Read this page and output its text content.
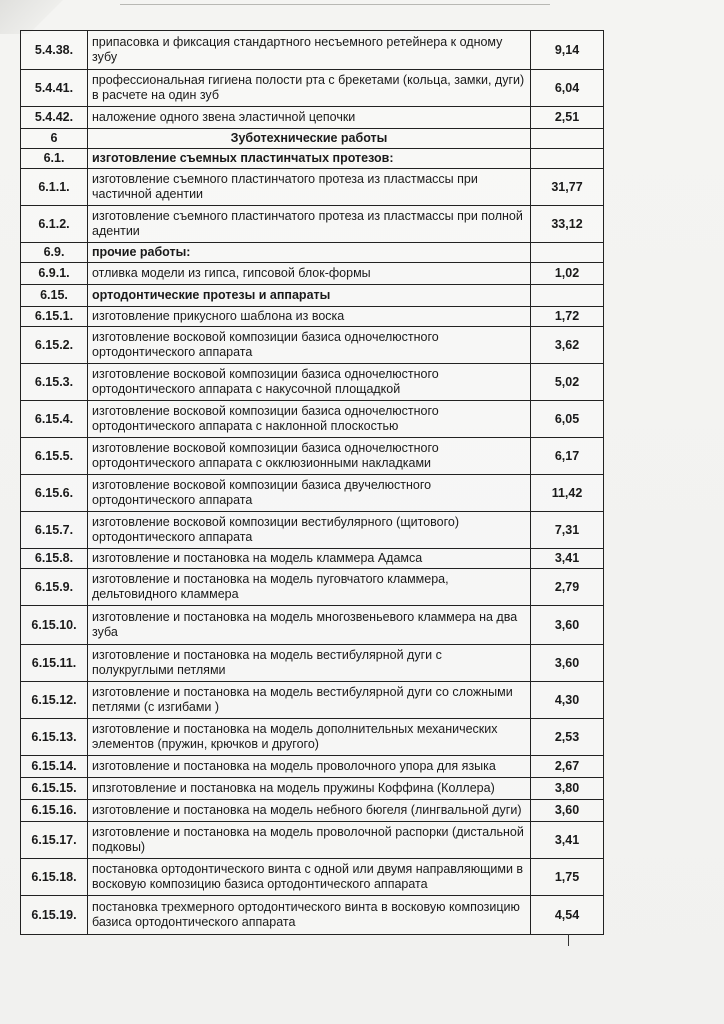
5.4.38.	припасовка и фиксация стандартного несъемного ретейнера к одному зубу	9,14
5.4.41.	профессиональная гигиена полости рта с брекетами (кольца, замки, дуги) в расчете на один зуб	6,04
5.4.42.	наложение одного звена эластичной цепочки	2,51
6	Зуботехнические работы	
6.1.	изготовление съемных пластинчатых протезов:	
6.1.1.	изготовление съемного пластинчатого протеза из пластмассы при частичной адентии	31,77
6.1.2.	изготовление съемного пластинчатого протеза из пластмассы при полной адентии	33,12
6.9.	прочие работы:	
6.9.1.	отливка модели из гипса, гипсовой блок-формы	1,02
6.15.	ортодонтические протезы и аппараты	
6.15.1.	изготовление прикусного шаблона из воска	1,72
6.15.2.	изготовление восковой композиции базиса одночелюстного ортодонтического аппарата	3,62
6.15.3.	изготовление восковой композиции базиса одночелюстного ортодонтического аппарата с накусочной площадкой	5,02
6.15.4.	изготовление восковой композиции базиса одночелюстного ортодонтического аппарата с наклонной плоскостью	6,05
6.15.5.	изготовление восковой композиции базиса одночелюстного ортодонтического аппарата с окклюзионными накладками	6,17
6.15.6.	изготовление восковой композиции базиса двучелюстного ортодонтического аппарата	11,42
6.15.7.	изготовление восковой композиции вестибулярного (щитового) ортодонтического аппарата	7,31
6.15.8.	изготовление и постановка на модель кламмера Адамса	3,41
6.15.9.	изготовление и постановка на модель пуговчатого кламмера, дельтовидного кламмера	2,79
6.15.10.	изготовление и постановка на модель многозвеньевого кламмера на два зуба	3,60
6.15.11.	изготовление и постановка на модель вестибулярной дуги с полукруглыми петлями	3,60
6.15.12.	изготовление и постановка на модель вестибулярной дуги со сложными петлями (с изгибами )	4,30
6.15.13.	изготовление и постановка на модель дополнительных механических элементов (пружин, крючков и другого)	2,53
6.15.14.	изготовление и постановка на модель проволочного упора для языка	2,67
6.15.15.	ипзготовление и постановка на модель пружины Коффина (Коллера)	3,80
6.15.16.	изготовление и постановка на модель небного бюгеля (лингвальной дуги)	3,60
6.15.17.	изготовление и постановка на модель проволочной распорки (дистальной подковы)	3,41
6.15.18.	постановка ортодонтического винта с одной или двумя направляющими в восковую композицию базиса ортодонтического аппарата	1,75
6.15.19.	постановка трехмерного ортодонтического винта в восковую композицию базиса ортодонтического аппарата	4,54
